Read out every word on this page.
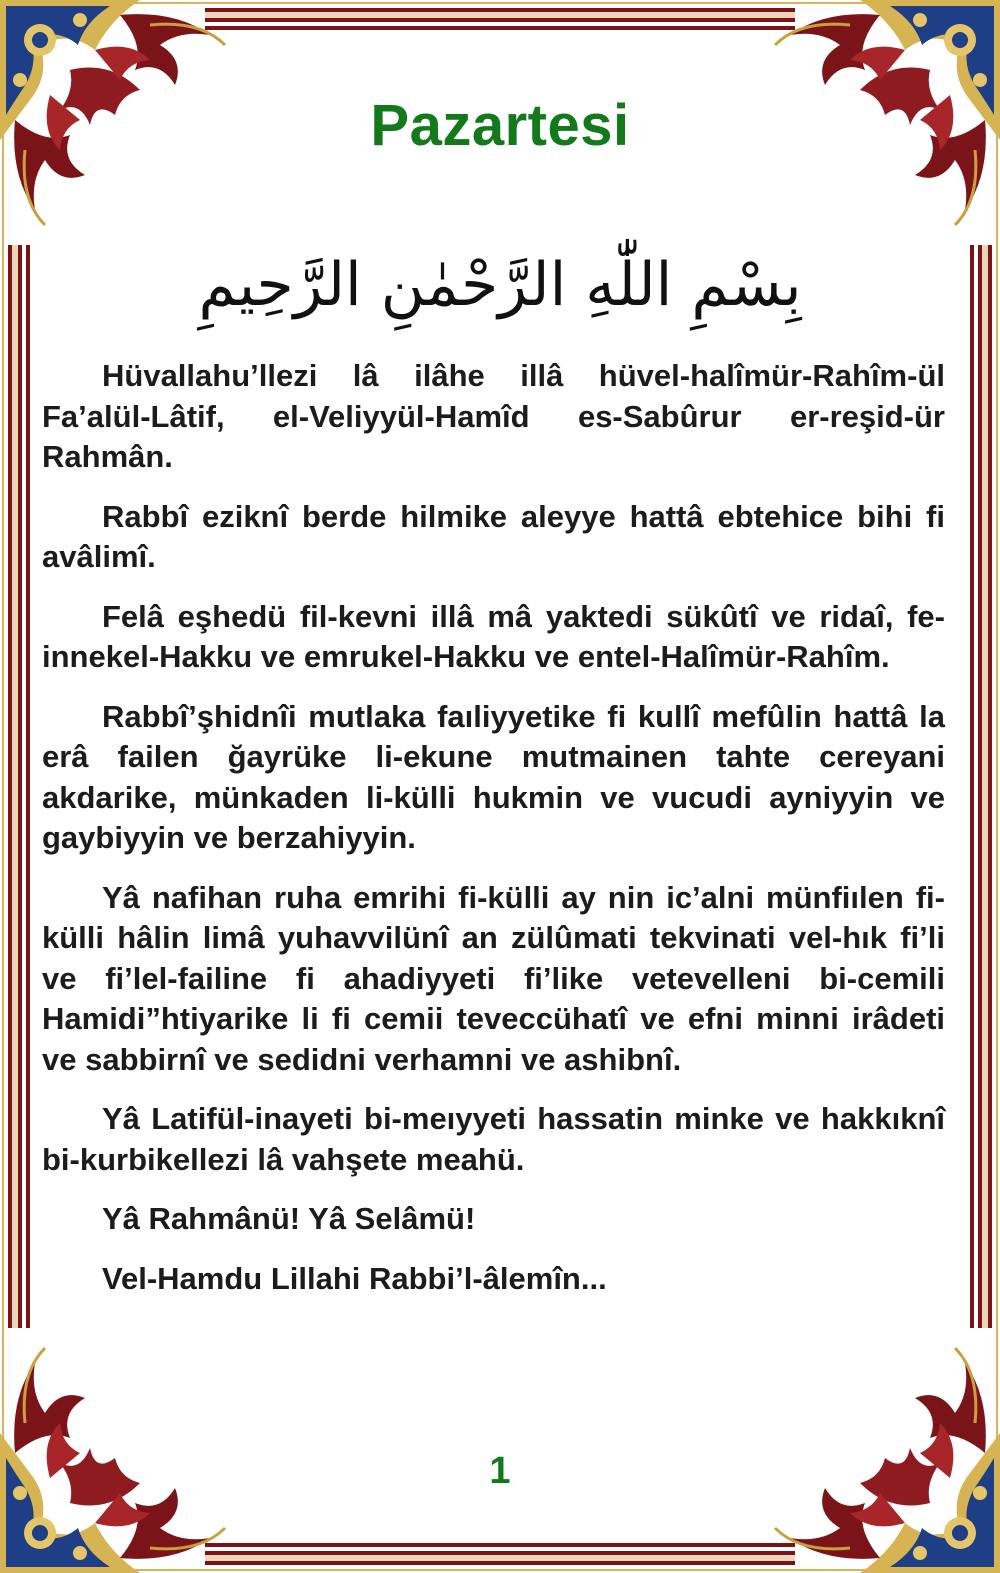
Pazartesi
بِسْمِ اللّٰهِ الرَّحْمٰنِ الرَّحِيمِ

Hüvallahu’llezi lâ ilâhe illâ hüvel-halîmür-Rahîm-ül Fa’alül-Lâtif, el-Veliyyül-Hamîd es-Sabûrur er-reşid-ür Rahmân.

Rabbî eziknî berde hilmike aleyye hattâ ebtehice bihi fi avâlimî.

Felâ eşhedü fil-kevni illâ mâ yaktedi sükûtî ve ridaî, fe-innekel-Hakku ve emrukel-Hakku ve entel-Halîmür-Rahîm.

Rabbî’şhidnîi mutlaka faıliyyetike fi kullî mefûlin hattâ la erâ failen ğayrüke li-ekune mutmainen tahte cereyani akdarike, münkaden li-külli hukmin ve vucudi ayniyyin ve gaybiyyin ve berzahiyyin.

Yâ nafihan ruha emrihi fi-külli ay nin ic’alni münfiılen fi-külli hâlin limâ yuhavvilünî an zülûmati tekvinati vel-hık fi’li ve fi’lel-failine fi ahadiyyeti fi’like vetevelleni bi-cemili Hamidi”htiyarike li fi cemii teveccühatî ve efni minni irâdeti ve sabbirnî ve sedidni verhamni ve ashibnî.

Yâ Latifül-inayeti bi-meıyyeti hassatin minke ve hakkıknî bi-kurbikellezi lâ vahşete meahü.

Yâ Rahmânü! Yâ Selâmü!

Vel-Hamdu Lillahi Rabbi’l-âlemîn...

1
